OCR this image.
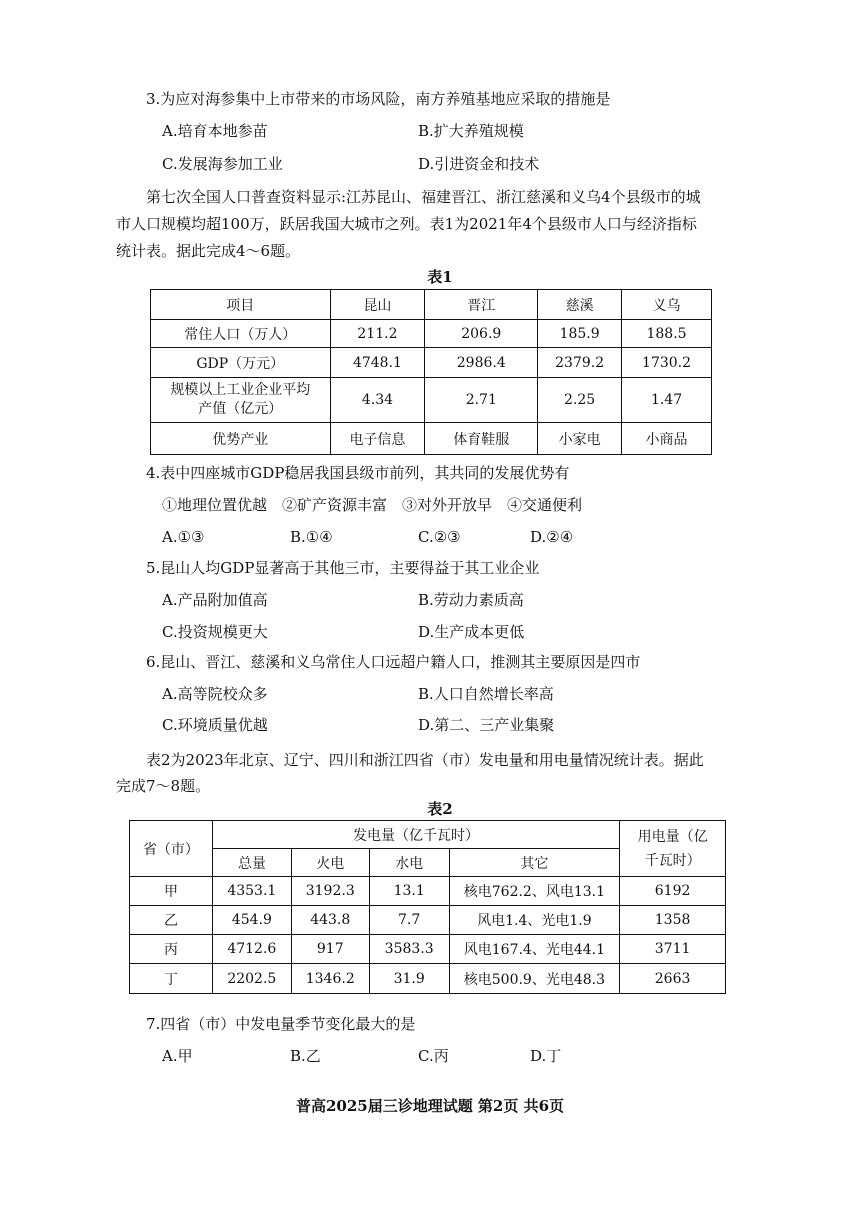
3.为应对海参集中上市带来的市场风险，南方养殖基地应采取的措施是
A.培育本地参苗	B.扩大养殖规模
C.发展海参加工业	D.引进资金和技术
第七次全国人口普查资料显示:江苏昆山、福建晋江、浙江慈溪和义乌4个县级市的城
市人口规模均超100万，跃居我国大城市之列。表1为2021年4个县级市人口与经济指标
统计表。据此完成4～6题。
表1
项目	昆山	晋江	慈溪	义乌
常住人口（万人）	211.2	206.9	185.9	188.5
GDP（万元）	4748.1	2986.4	2379.2	1730.2
规模以上工业企业平均
产值（亿元）	4.34	2.71	2.25	1.47
优势产业	电子信息	体育鞋服	小家电	小商品
4.表中四座城市GDP稳居我国县级市前列，其共同的发展优势有
①地理位置优越　②矿产资源丰富　③对外开放早　④交通便利
A.①③	B.①④	C.②③	D.②④
5.昆山人均GDP显著高于其他三市，主要得益于其工业企业
A.产品附加值高	B.劳动力素质高
C.投资规模更大	D.生产成本更低
6.昆山、晋江、慈溪和义乌常住人口远超户籍人口，推测其主要原因是四市
A.高等院校众多	B.人口自然增长率高
C.环境质量优越	D.第二、三产业集聚
表2为2023年北京、辽宁、四川和浙江四省（市）发电量和用电量情况统计表。据此
完成7～8题。
表2
省（市）	发电量（亿千瓦时）				用电量（亿
千瓦时）
	总量	火电	水电	其它	
甲	4353.1	3192.3	13.1	核电762.2、风电13.1	6192
乙	454.9	443.8	7.7	风电1.4、光电1.9	1358
丙	4712.6	917	3583.3	风电167.4、光电44.1	3711
丁	2202.5	1346.2	31.9	核电500.9、光电48.3	2663
7.四省（市）中发电量季节变化最大的是
A.甲	B.乙	C.丙	D.丁
普高2025届三诊地理试题 第2页 共6页
